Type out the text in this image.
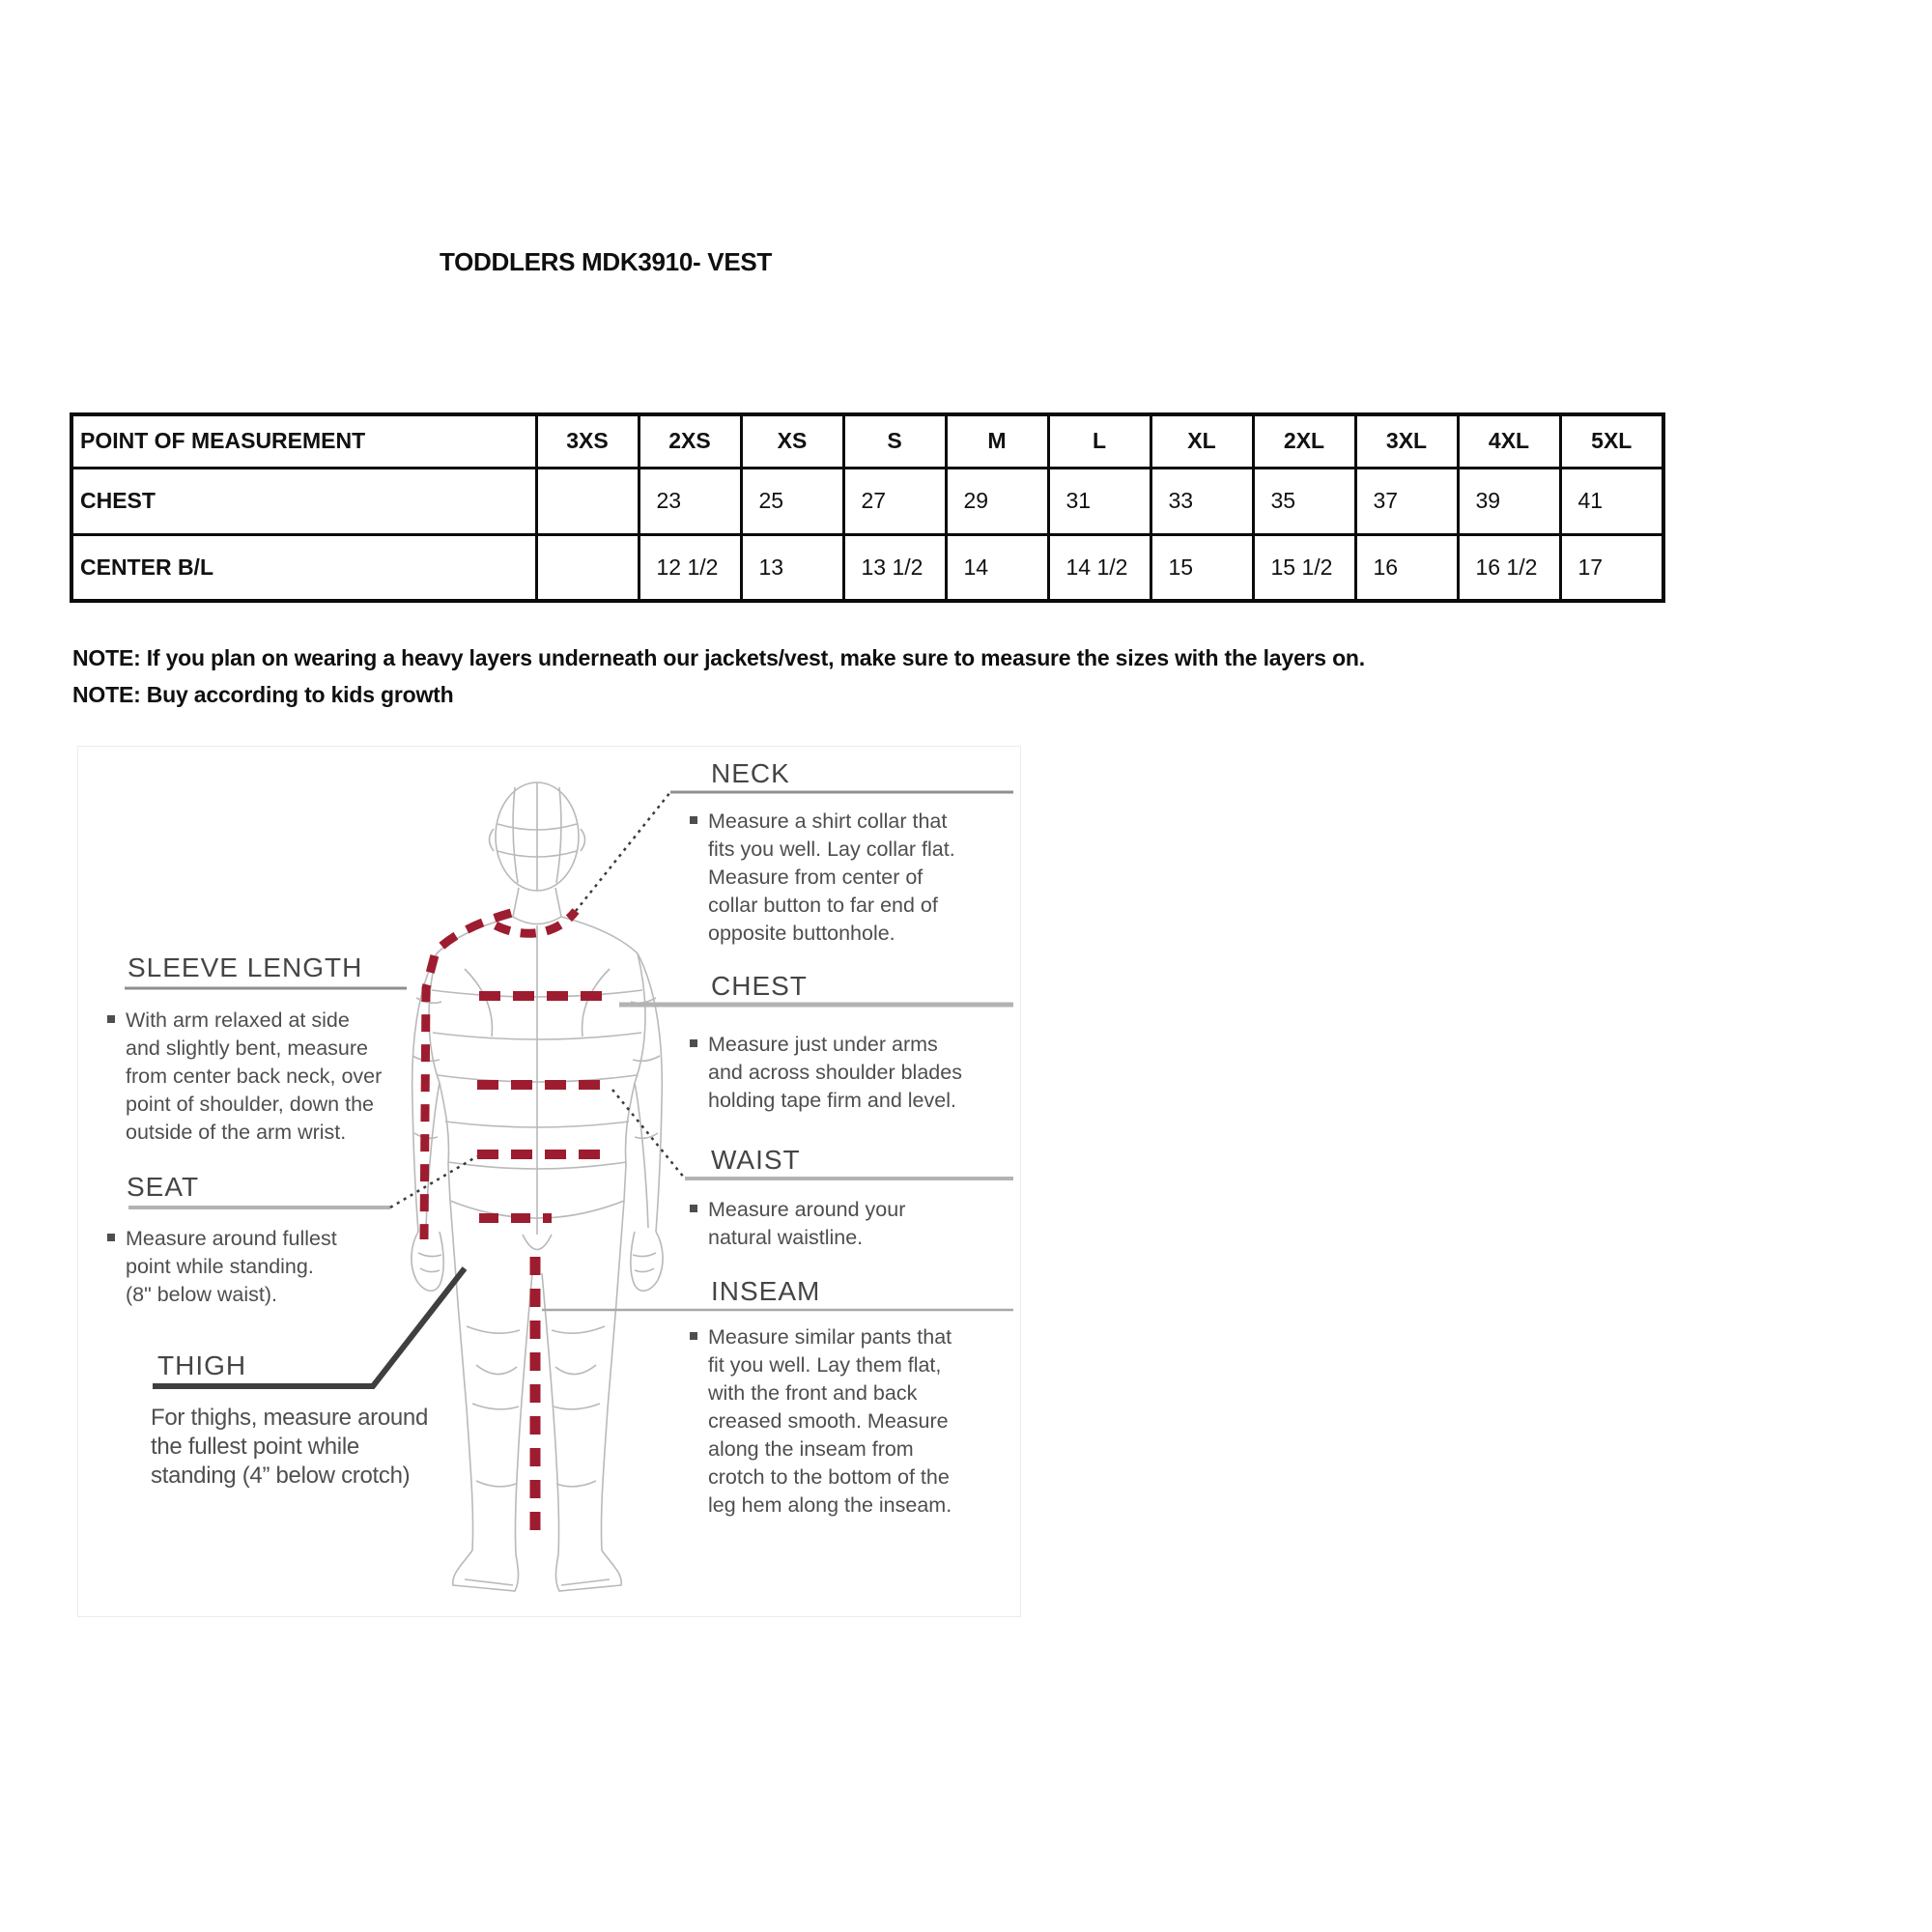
TODDLERS MDK3910- VEST
POINT OF MEASUREMENT	3XS	2XS	XS	S	M	L	XL	2XL	3XL	4XL	5XL
CHEST		23	25	27	29	31	33	35	37	39	41
CENTER B/L		12 1/2	13	13 1/2	14	14 1/2	15	15 1/2	16	16 1/2	17
NOTE: If you plan on wearing a heavy layers underneath our jackets/vest, make sure to measure the sizes with the layers on.
NOTE: Buy according to kids growth
NECK
Measure a shirt collar that
fits you well. Lay collar flat.
Measure from center of
collar button to far end of
opposite buttonhole.
CHEST
Measure just under arms
and across shoulder blades
holding tape firm and level.
WAIST
Measure around your
natural waistline.
INSEAM
Measure similar pants that
fit you well. Lay them flat,
with the front and back
creased smooth. Measure
along the inseam from
crotch to the bottom of the
leg hem along the inseam.
SLEEVE LENGTH
With arm relaxed at side
and slightly bent, measure
from center back neck, over
point of shoulder, down the
outside of the arm wrist.
SEAT
Measure around fullest
point while standing.
(8" below waist).
THIGH
For thighs, measure around
the fullest point while
standing (4” below crotch)
